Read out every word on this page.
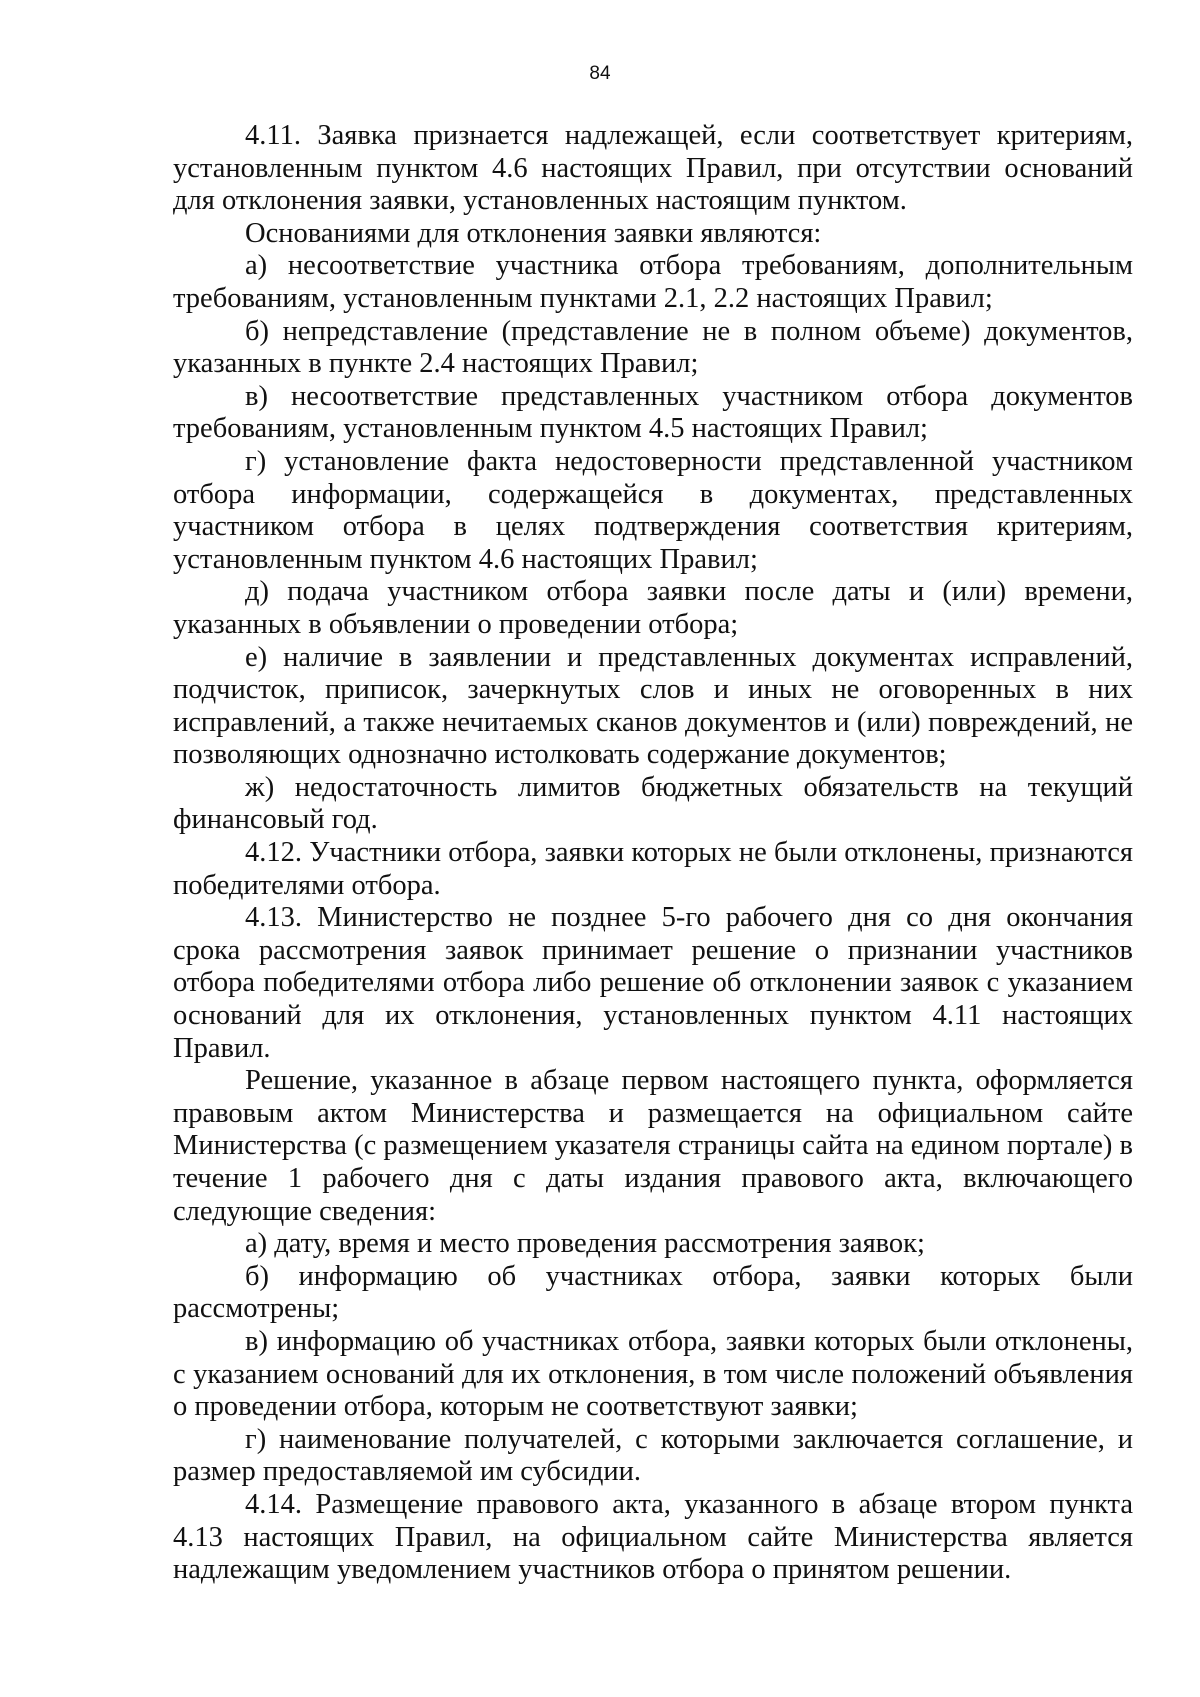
84

4.11. Заявка признается надлежащей, если соответствует критериям, установленным пунктом 4.6 настоящих Правил, при отсутствии оснований для отклонения заявки, установленных настоящим пунктом.

Основаниями для отклонения заявки являются:

а) несоответствие участника отбора требованиям, дополнительным требованиям, установленным пунктами 2.1, 2.2 настоящих Правил;

б) непредставление (представление не в полном объеме) документов, указанных в пункте 2.4 настоящих Правил;

в) несоответствие представленных участником отбора документов требованиям, установленным пунктом 4.5 настоящих Правил;

г) установление факта недостоверности представленной участником отбора информации, содержащейся в документах, представленных участником отбора в целях подтверждения соответствия критериям, установленным пунктом 4.6 настоящих Правил;

д) подача участником отбора заявки после даты и (или) времени, указанных в объявлении о проведении отбора;

е) наличие в заявлении и представленных документах исправлений, подчисток, приписок, зачеркнутых слов и иных не оговоренных в них исправлений, а также нечитаемых сканов документов и (или) повреждений, не позволяющих однозначно истолковать содержание документов;

ж) недостаточность лимитов бюджетных обязательств на текущий финансовый год.

4.12. Участники отбора, заявки которых не были отклонены, признаются победителями отбора.

4.13. Министерство не позднее 5-го рабочего дня со дня окончания срока рассмотрения заявок принимает решение о признании участников отбора победителями отбора либо решение об отклонении заявок с указанием оснований для их отклонения, установленных пунктом 4.11 настоящих Правил.

Решение, указанное в абзаце первом настоящего пункта, оформляется правовым актом Министерства и размещается на официальном сайте Министерства (с размещением указателя страницы сайта на едином портале) в течение 1 рабочего дня с даты издания правового акта, включающего следующие сведения:

а) дату, время и место проведения рассмотрения заявок;

б) информацию об участниках отбора, заявки которых были рассмотрены;

в) информацию об участниках отбора, заявки которых были отклонены, с указанием оснований для их отклонения, в том числе положений объявления о проведении отбора, которым не соответствуют заявки;

г) наименование получателей, с которыми заключается соглашение, и размер предоставляемой им субсидии.

4.14. Размещение правового акта, указанного в абзаце втором пункта 4.13 настоящих Правил, на официальном сайте Министерства является надлежащим уведомлением участников отбора о принятом решении.
